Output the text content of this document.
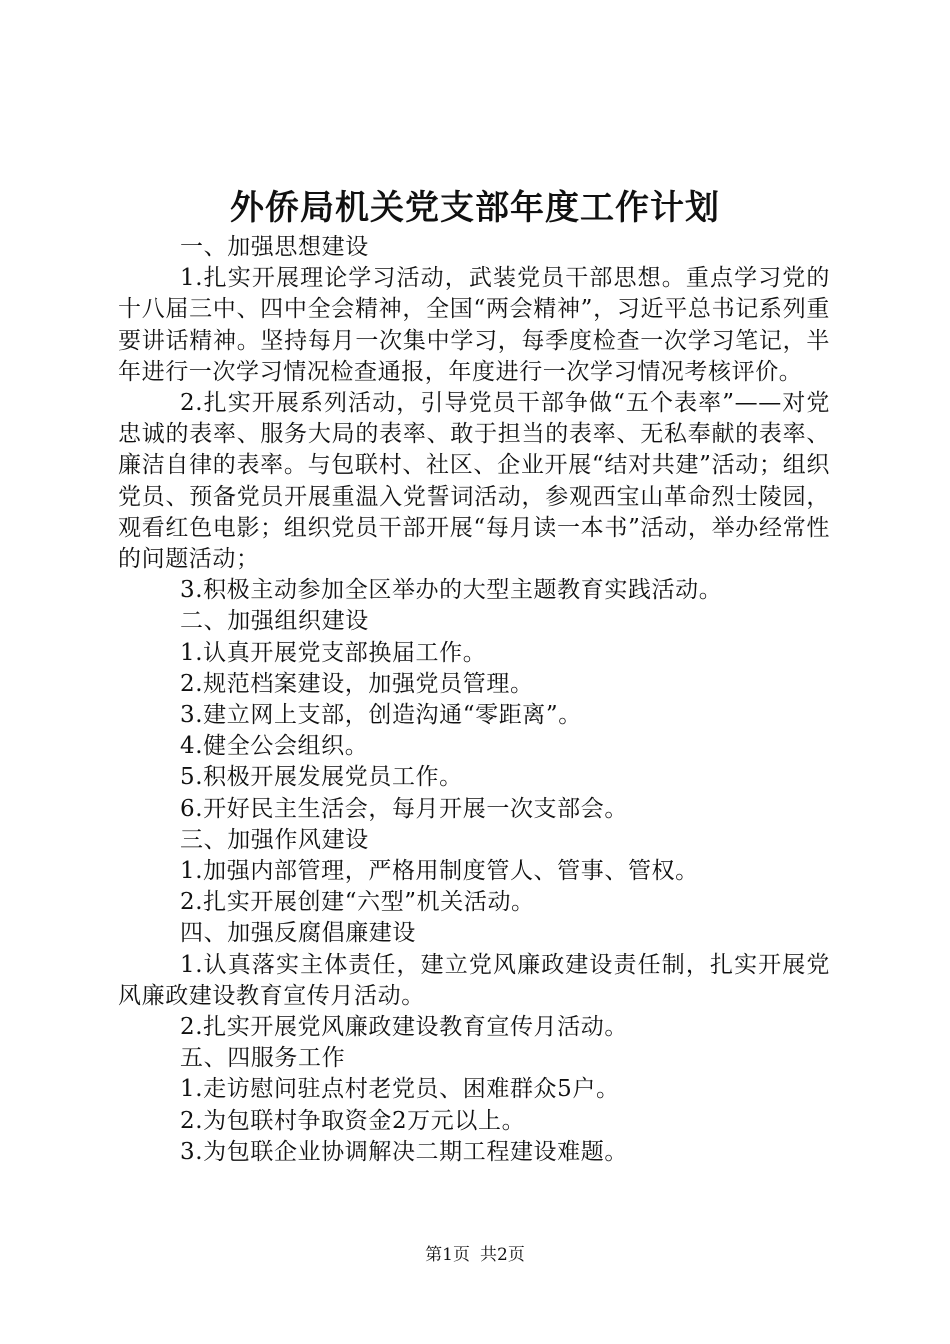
外侨局机关党支部年度工作计划

一、加强思想建设

1.扎实开展理论学习活动，武装党员干部思想。重点学习党的十八届三中、四中全会精神，全国“两会精神”，习近平总书记系列重要讲话精神。坚持每月一次集中学习，每季度检查一次学习笔记，半年进行一次学习情况检查通报，年度进行一次学习情况考核评价。

2.扎实开展系列活动，引导党员干部争做“五个表率”——对党忠诚的表率、服务大局的表率、敢于担当的表率、无私奉献的表率、廉洁自律的表率。与包联村、社区、企业开展“结对共建”活动；组织党员、预备党员开展重温入党誓词活动，参观西宝山革命烈士陵园，观看红色电影；组织党员干部开展“每月读一本书”活动，举办经常性的问题活动；

3.积极主动参加全区举办的大型主题教育实践活动。

二、加强组织建设

1.认真开展党支部换届工作。

2.规范档案建设，加强党员管理。

3.建立网上支部，创造沟通“零距离”。

4.健全公会组织。

5.积极开展发展党员工作。

6.开好民主生活会，每月开展一次支部会。

三、加强作风建设

1.加强内部管理，严格用制度管人、管事、管权。

2.扎实开展创建“六型”机关活动。

四、加强反腐倡廉建设

1.认真落实主体责任，建立党风廉政建设责任制，扎实开展党风廉政建设教育宣传月活动。

2.扎实开展党风廉政建设教育宣传月活动。

五、四服务工作

1.走访慰问驻点村老党员、困难群众5户。

2.为包联村争取资金2万元以上。

3.为包联企业协调解决二期工程建设难题。

第1页 共2页
